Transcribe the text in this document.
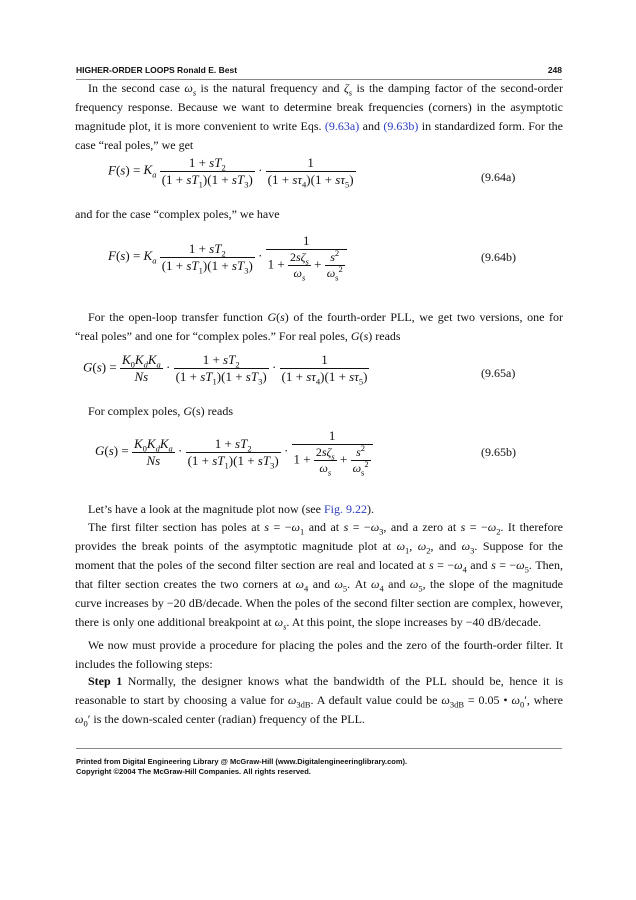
HIGHER-ORDER LOOPS Ronald E. Best	248
In the second case $\omega_s$ is the natural frequency and $\zeta_s$ is the damping factor of the second-order frequency response. Because we want to determine break frequencies (corners) in the asymptotic magnitude plot, it is more convenient to write Eqs. (9.63a) and (9.63b) in standardized form. For the case “real poles,” we get
$F(s) = K_a \frac{1 + sT_2}{(1 + sT_1)(1 + sT_3)} \cdot \frac{1}{(1 + s\tau_4)(1 + s\tau_5)}$	(9.64a)
and for the case “complex poles,” we have
$F(s) = K_a \frac{1 + sT_2}{(1 + sT_1)(1 + sT_3)} \cdot \frac{1}{1 + \frac{2s\zeta_s}{\omega_s} + \frac{s^2}{\omega_s^2}}$	(9.64b)
For the open-loop transfer function G(s) of the fourth-order PLL, we get two versions, one for “real poles” and one for “complex poles.” For real poles, G(s) reads
$G(s) = \frac{K_0K_dK_a}{Ns} \cdot \frac{1 + sT_2}{(1 + sT_1)(1 + sT_3)} \cdot \frac{1}{(1 + s\tau_4)(1 + s\tau_5)}$	(9.65a)
For complex poles, G(s) reads
$G(s) = \frac{K_0K_dK_a}{Ns} \cdot \frac{1 + sT_2}{(1 + sT_1)(1 + sT_3)} \cdot \frac{1}{1 + \frac{2s\zeta_s}{\omega_s} + \frac{s^2}{\omega_s^2}}$	(9.65b)
Let’s have a look at the magnitude plot now (see Fig. 9.22).
The first filter section has poles at $s = -\omega_1$ and at $s = -\omega_3$, and a zero at $s = -\omega_2$. It therefore provides the break points of the asymptotic magnitude plot at $\omega_1$, $\omega_2$, and $\omega_3$. Suppose for the moment that the poles of the second filter section are real and located at $s = -\omega_4$ and $s = -\omega_5$. Then, that filter section creates the two corners at $\omega_4$ and $\omega_5$. At $\omega_4$ and $\omega_5$, the slope of the magnitude curve increases by −20 dB/decade. When the poles of the second filter section are complex, however, there is only one additional breakpoint at $\omega_s$. At this point, the slope increases by −40 dB/decade.
We now must provide a procedure for placing the poles and the zero of the fourth-order filter. It includes the following steps:
Step 1 Normally, the designer knows what the bandwidth of the PLL should be, hence it is reasonable to start by choosing a value for $\omega_{3dB}$. A default value could be $\omega_{3dB} = 0.05$ • $\omega_0'$, where $\omega_0'$ is the down-scaled center (radian) frequency of the PLL.
Printed from Digital Engineering Library @ McGraw-Hill (www.Digitalengineeringlibrary.com).
Copyright ©2004 The McGraw-Hill Companies. All rights reserved.
